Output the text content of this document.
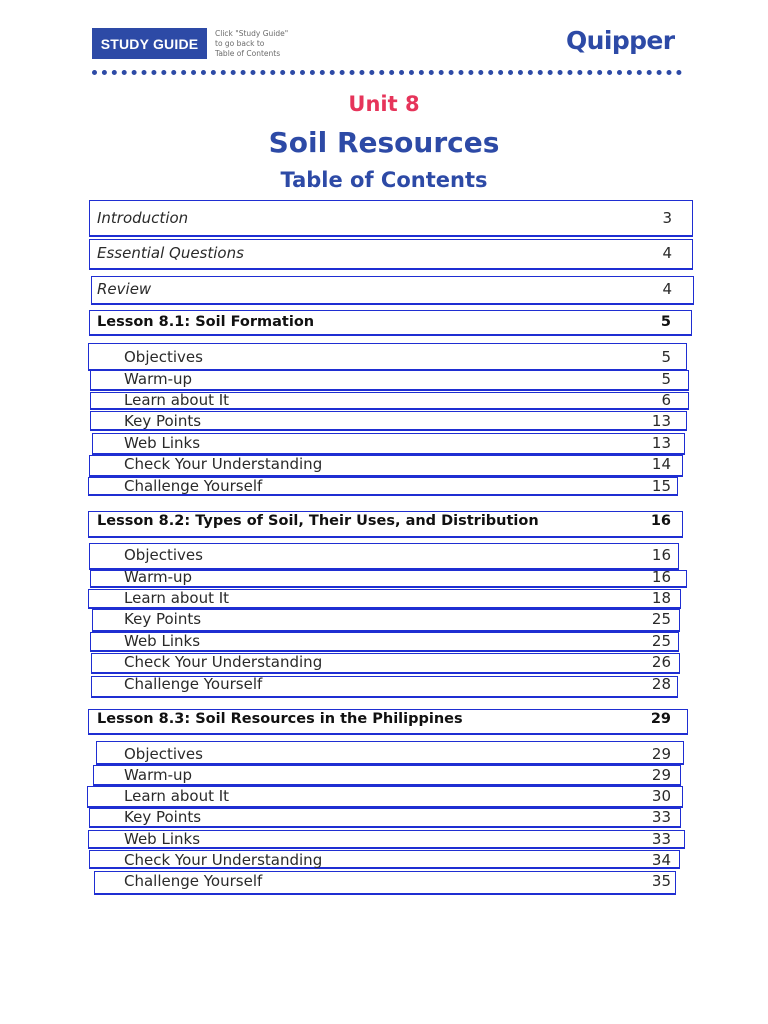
STUDY GUIDE
Click "Study Guide"
to go back to
Table of Contents	Quipper
Unit 8
Soil Resources
Table of Contents
Introduction	3
Essential Questions	4
Review	4
Lesson 8.1: Soil Formation	5
Objectives	5
Warm-up	5
Learn about It	6
Key Points	13
Web Links	13
Check Your Understanding	14
Challenge Yourself	15
Lesson 8.2: Types of Soil, Their Uses, and Distribution	16
Objectives	16
Warm-up	16
Learn about It	18
Key Points	25
Web Links	25
Check Your Understanding	26
Challenge Yourself	28
Lesson 8.3: Soil Resources in the Philippines	29
Objectives	29
Warm-up	29
Learn about It	30
Key Points	33
Web Links	33
Check Your Understanding	34
Challenge Yourself	35
